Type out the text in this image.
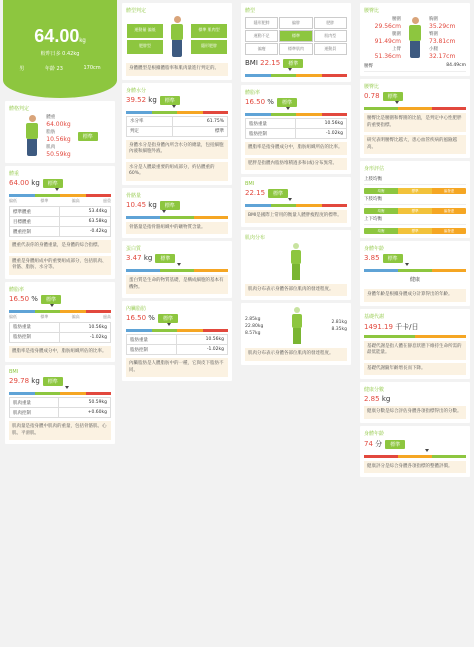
64.00kg
較昨日多 0.42kg
男	年齡 23	170cm
體格判定
體重
64.00kg
脂肪
10.56kg
肌肉
50.59kg
標準
體重
64.00 kg 標準
偏低	標準	偏高	過重
標準體重	53.44kg
目標體重	63.58kg
體重控制	-0.42kg
體重代表你的身體重量，是身體的綜合指標。
體重是身體組成中的重要組成部分，包括肌肉、骨骼、脂肪、水分等。
體脂率
16.50 % 標準
偏低	標準	偏高	過高
脂肪重量	10.56kg
脂肪控制	-1.02kg
體脂率是指身體成分中，脂肪組織所佔的比率。
BMI
29.78 kg 標準
肌肉重量	50.59kg
肌肉控制	+0.60kg
肌肉量是指身體中肌肉的重量，包括骨骼肌、心肌、平滑肌。
體型判定
運動量 偏低
肥胖型
標準 肌肉型
隱形肥胖
身體體型是根據體脂率和肌肉量進行判定的。
身體水分
39.52 kg 標準
水分率	61.75%
判定	標準
身體水分是指身體內所含水分的總量，包括細胞內液和細胞外液。
水分是人體最重要的組成部分，約佔體重的60%。
骨骼量
10.45 kg 標準
骨骼量是指骨骼組織中的礦物質含量。
蛋白質
3.47 kg 標準
蛋白質是生命的物質基礎，是構成細胞的基本有機物。
內臟脂肪
16.50 % 標準
脂肪重量	10.56kg
脂肪控制	-1.02kg
內臟脂肪是人體脂肪中的一種，它與皮下脂肪不同。
體型
隱形肥胖	偏胖	肥胖
運動不足	標準	肌肉型
偏瘦	標準肌肉	運動員
BMI 22.15 標準
體脂率
16.50 % 標準
脂肪重量	10.56kg
脂肪控制	-1.02kg
體脂率是指身體成分中，脂肪組織所佔的比率。
肥胖是指體內脂肪堆積過多和(或)分布異常。
BMI
22.15 標準
BMI是國際上常用的衡量人體胖瘦程度的標準。
肌肉分布
肌肉分布表示身體各部位肌肉的發達程度。
2.85kg
22.80kg
8.57kg
2.81kg
8.35kg
肌肉分布表示身體各部位肌肉的發達程度。
腰臀比
腰圍
29.56cm
腿圍
91.49cm
上臂
51.36cm
胸圍
35.29cm
臀圍
73.81cm
小腿
32.17cm
腰臀	84.49cm
腰臀比
0.78 標準
腰臀比是腰圍和臀圍的比值，是判定中心性肥胖的重要指標。
研究表明腰臀比越大，患心血管疾病的風險越高。
身形評估
上肢均衡
均衡	標準	偏發達
下肢均衡
均衡	標準	偏發達
上下均衡
均衡	標準	偏發達
身體年齡
3.85 標準
健康
身體年齡是根據身體成分計算得出的年齡。
基礎代謝
1491.19 千卡/日
基礎代謝是指人體在靜息狀態下維持生命所需的最低能量。
基礎代謝隨年齡增長而下降。
健康分數
2.85 kg
健康分數是綜合評估身體各項指標得出的分數。
身體年齡
74 分 標準
健康評分是綜合身體各項指標的整體評價。
